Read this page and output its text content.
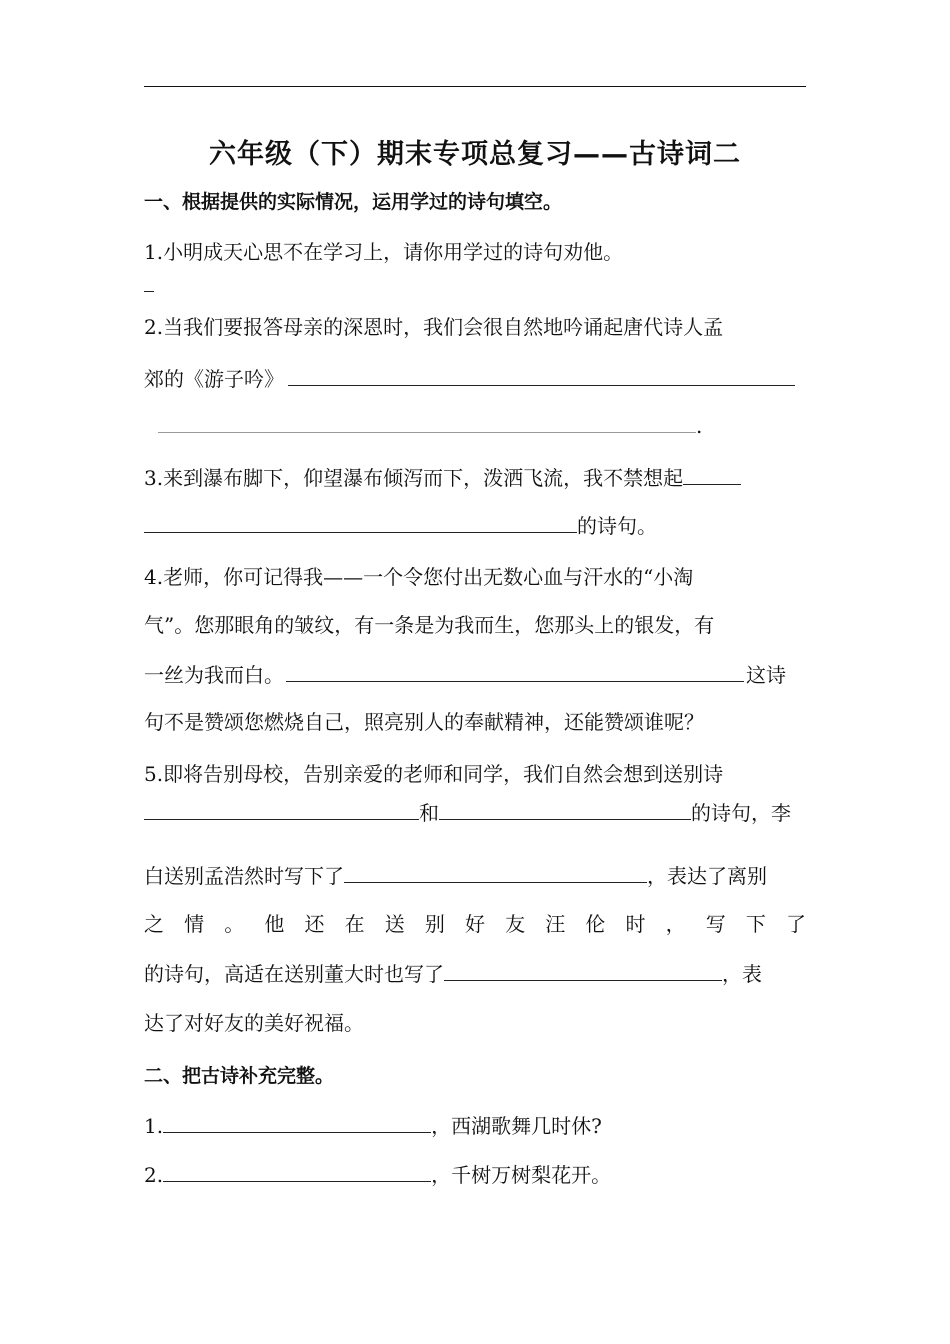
六年级（下）期末专项总复习——古诗词二
一、根据提供的实际情况，运用学过的诗句填空。
1.小明成天心思不在学习上，请你用学过的诗句劝他。
2.当我们要报答母亲的深恩时，我们会很自然地吟诵起唐代诗人孟
郊的《游子吟》
.
3.来到瀑布脚下，仰望瀑布倾泻而下，泼洒飞流，我不禁想起
的诗句。
4.老师，你可记得我——一个令您付出无数心血与汗水的“小淘
气”。您那眼角的皱纹，有一条是为我而生，您那头上的银发，有
一丝为我而白。	这诗
句不是赞颂您燃烧自己，照亮别人的奉献精神，还能赞颂谁呢？
5.即将告别母校，告别亲爱的老师和同学，我们自然会想到送别诗
和	的诗句，李
白送别孟浩然时写下了	，表达了离别
之 情 。 他 还 在 送 别 好 友 汪 伦 时 ， 写 下 了
的诗句，高适在送别董大时也写了	，表
达了对好友的美好祝福。
二、把古诗补充完整。
1.	，西湖歌舞几时休?
2.	，千树万树梨花开。
